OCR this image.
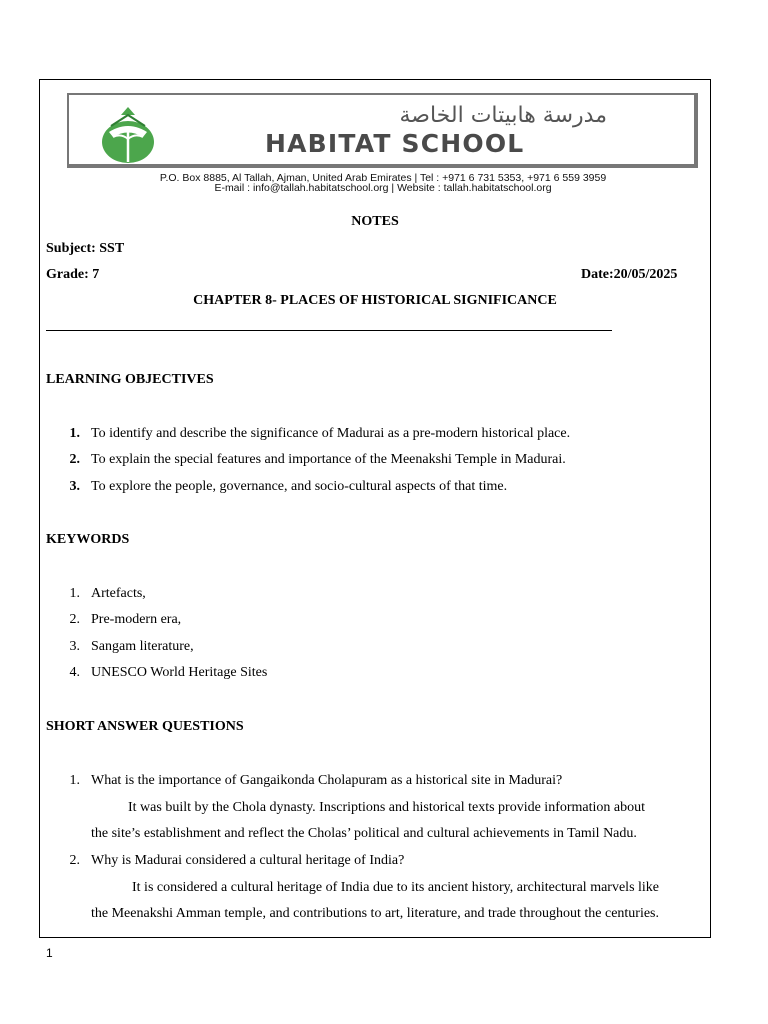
مدرسة هابيتات الخاصة
HABITAT SCHOOL
P.O. Box 8885, Al Tallah, Ajman, United Arab Emirates | Tel : +971 6 731 5353, +971 6 559 3959
E-mail : info@tallah.habitatschool.org | Website : tallah.habitatschool.org
NOTES
Subject: SST
Grade: 7	Date:20/05/2025
CHAPTER 8- PLACES OF HISTORICAL SIGNIFICANCE
LEARNING OBJECTIVES
1. To identify and describe the significance of Madurai as a pre-modern historical place.
2. To explain the special features and importance of the Meenakshi Temple in Madurai.
3. To explore the people, governance, and socio-cultural aspects of that time.
KEYWORDS
1. Artefacts,
2. Pre-modern era,
3. Sangam literature,
4. UNESCO World Heritage Sites
SHORT ANSWER QUESTIONS
1. What is the importance of Gangaikonda Cholapuram as a historical site in Madurai?
It was built by the Chola dynasty. Inscriptions and historical texts provide information about
the site’s establishment and reflect the Cholas’ political and cultural achievements in Tamil Nadu.
2. Why is Madurai considered a cultural heritage of India?
It is considered a cultural heritage of India due to its ancient history, architectural marvels like
the Meenakshi Amman temple, and contributions to art, literature, and trade throughout the centuries.
1
